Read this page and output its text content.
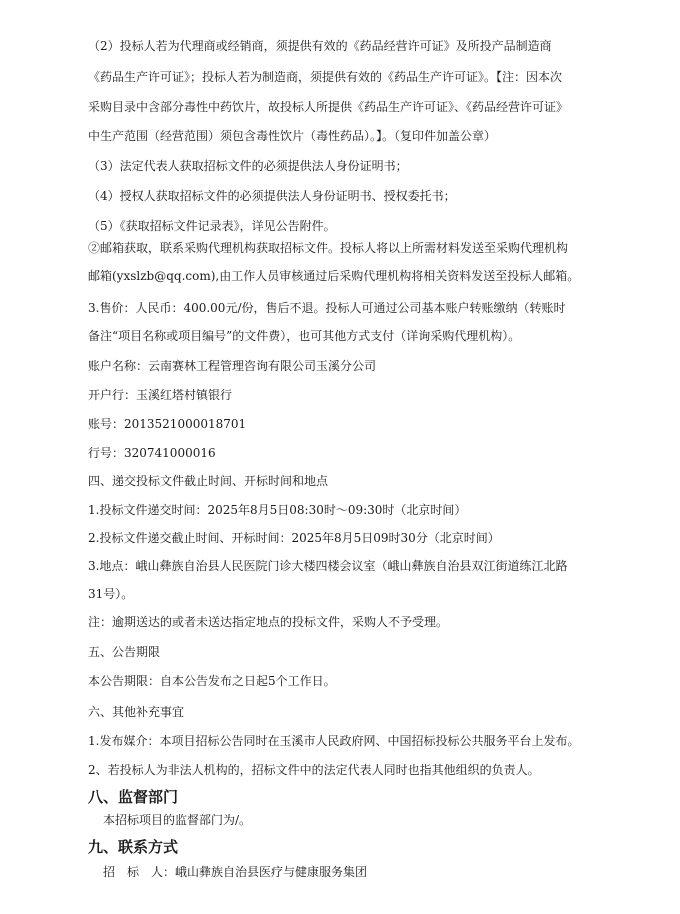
（2）投标人若为代理商或经销商，须提供有效的《药品经营许可证》及所投产品制造商
《药品生产许可证》；投标人若为制造商，须提供有效的《药品生产许可证》。【注：因本次
采购目录中含部分毒性中药饮片，故投标人所提供《药品生产许可证》、《药品经营许可证》
中生产范围（经营范围）须包含毒性饮片（毒性药品）。】。（复印件加盖公章）
（3）法定代表人获取招标文件的必须提供法人身份证明书；
（4）授权人获取招标文件的必须提供法人身份证明书、授权委托书；
（5）《获取招标文件记录表》，详见公告附件。
②邮箱获取，联系采购代理机构获取招标文件。投标人将以上所需材料发送至采购代理机构
邮箱(yxslzb@qq.com),由工作人员审核通过后采购代理机构将相关资料发送至投标人邮箱。
3.售价：人民币：400.00元/份，售后不退。投标人可通过公司基本账户转账缴纳（转账时
备注“项目名称或项目编号”的文件费），也可其他方式支付（详询采购代理机构）。
账户名称：云南赛林工程管理咨询有限公司玉溪分公司
开户行：玉溪红塔村镇银行
账号：2013521000018701
行号：320741000016
四、递交投标文件截止时间、开标时间和地点
1.投标文件递交时间：2025年8月5日08:30时～09:30时（北京时间）
2.投标文件递交截止时间、开标时间：2025年8月5日09时30分（北京时间）
3.地点：峨山彝族自治县人民医院门诊大楼四楼会议室（峨山彝族自治县双江街道练江北路
31号）。
注：逾期送达的或者未送达指定地点的投标文件，采购人不予受理。
五、公告期限
本公告期限：自本公告发布之日起5个工作日。
六、其他补充事宜
1.发布媒介：本项目招标公告同时在玉溪市人民政府网、中国招标投标公共服务平台上发布。
2、若投标人为非法人机构的，招标文件中的法定代表人同时也指其他组织的负责人。
八、监督部门
本招标项目的监督部门为/。
九、联系方式
招　标　人：峨山彝族自治县医疗与健康服务集团
